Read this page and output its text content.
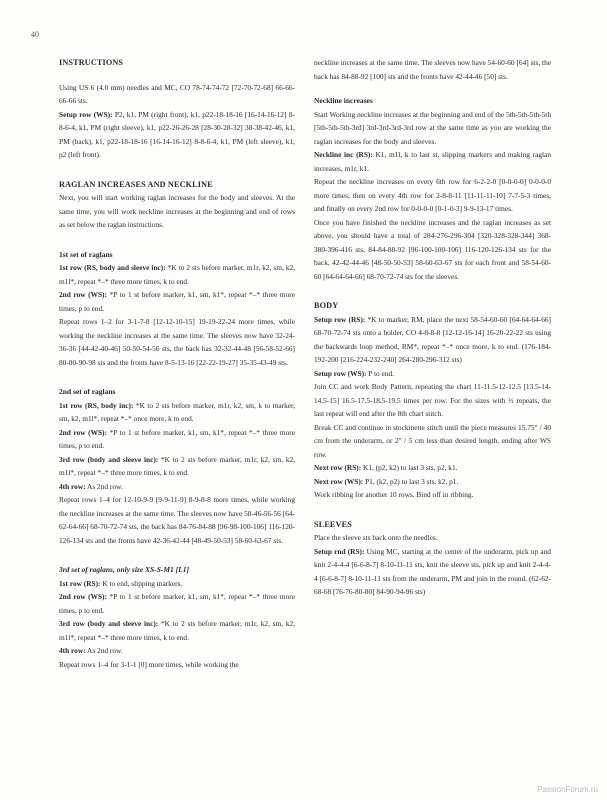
40
INSTRUCTIONS

Using US 6 (4.0 mm) needles and MC, CO 78-74-74-72 [72-70-72-68] 66-66-66-66 sts.

Setup row (WS): P2, k1, PM (right front), k1, p22-18-18-16 [16-14-16-12] 8-8-6-4, k1, PM (right sleeve), k1, p22-26-26-28 [28-30-28-32] 38-38-42-46, k1, PM (back), k1, p22-18-18-16 [16-14-16-12] 8-8-6-4, k1, PM (left sleeve), k1, p2 (left front).

RAGLAN INCREASES AND NECKLINE

Next, you will start working raglan increases for the body and sleeves. At the same time, you will work neckline increases at the beginning and end of rows as set below the raglan instructions.

1st set of raglans

1st row (RS, body and sleeve inc): *K to 2 sts before marker, m1r, k2, sm, k2, m1l*, repeat *–* three more times, k to end.

2nd row (WS): *P to 1 st before marker, k1, sm, k1*, repeat *–* three more times, p to end.

Repeat rows 1–2 for 3-1-7-8 [12-12-10-15] 19-19-22-24 more times, while working the neckline increases at the same time. The sleeves now have 32-24-36-36 [44-42-40-46] 50-50-54-56 sts, the back has 32-32-44-48 [56-58-52-66] 80-80-90-98 sts and the fronts have 8-5-13-16 [22-22-19-27] 35-35-43-49 sts.

2nd set of raglans

1st row (RS, body inc): *K to 2 sts before marker, m1r, k2, sm, k to marker, sm, k2, m1l*, repeat *–* once more, k to end.

2nd row (WS): *P to 1 st before marker, k1, sm, k1*, repeat *–* three more times, p to end.

3rd row (body and sleeve inc): *K to 2 sts before marker, m1r, k2, sm, k2, m1l*, repeat *–* three more times, k to end.

4th row: As 2nd row.

Repeat rows 1–4 for 12-10-9-9 [9-9-11-9] 8-9-8-8 more times, while working the neckline increases at the same time. The sleeves now have 58-46-56-56 [64-62-64-66] 68-70-72-74 sts, the back has 84-76-84-88 [96-98-100-106] 116-120-126-134 sts and the fronts have 42-36-42-44 [48-49-50-53] 58-60-63-67 sts.

3rd set of raglans, only size XS-S-M1 [L1]

1st row (RS): K to end, slipping markers.

2nd row (WS): *P to 1 st before marker, k1, sm, k1*, repeat *–* three more times, p to end.

3rd row (body and sleeve inc): *K to 2 sts before marker, m1r, k2, sm, k2, m1l*, repeat *–* three more times, k to end.

4th row: As 2nd row.

Repeat rows 1–4 for 3-1-1 [0] more times, while working the

neckline increases at the same time. The sleeves now have 54-60-60 [64] sts, the back has 84-88-92 [100] sts and the fronts have 42-44-46 [50] sts.

Neckline increases

Start Working neckline increases at the beginning and end of the 5th-5th-5th-5th [5th-5th-5th-3rd] 3rd-3rd-3rd-3rd row at the same time as you are working the raglan increases for the body and sleeves.

Neckline inc (RS): K1, m1l, k to last st, slipping markers and making raglan increases, m1r, k1.

Repeat the neckline increases on every 6th row for 6-2-2-0 [0-0-0-0] 0-0-0-0 more times, then on every 4th row for 2-8-8-11 [11-11-11-10] 7-7-5-3 times, and finally on every 2nd row for 0-0-0-0 [0-1-0-3] 9-9-13-17 times.

Once you have finished the neckline increases and the raglan increases as set above, you should have a total of 284-276-296-304 [320-328-328-344] 368-380-396-416 sts, 84-84-88-92 [96-100-100-106] 116-120-126-134 sts for the back, 42-42-44-46 [48-50-50-53] 58-60-63-67 sts for each front and 58-54-60-60 [64-64-64-66] 68-70-72-74 sts for the sleeves.

BODY

Setup row (RS): *K to marker, RM, place the next 58-54-60-60 [64-64-64-66] 68-70-72-74 sts onto a holder, CO 4-8-8-8 [12-12-16-14] 16-20-22-22 sts using the backwards loop method, RM*, repeat *–* once more, k to end. (176-184-192-200 [216-224-232-240] 264-280-296-312 sts)

Setup row (WS): P to end.

Join CC and work Body Pattern, repeating the chart 11-11.5-12-12.5 [13.5-14-14.5-15] 16.5-17.5-18.5-19.5 times per row. For the sizes with ½ repeats, the last repeat will end after the 8th chart stitch.

Break CC and continue in stockinette stitch until the piece measures 15.75" / 40 cm from the underarm, or 2" / 5 cm less than desired length, ending after WS row.

Next row (RS): K1, (p2, k2) to last 3 sts, p2, k1.

Next row (WS): P1, (k2, p2) to last 3 sts, k2, p1.

Work ribbing for another 10 rows. Bind off in ribbing.

SLEEVES

Place the sleeve sts back onto the needles.

Setup rnd (RS): Using MC, starting at the center of the underarm, pick up and knit 2-4-4-4 [6-6-8-7] 8-10-11-11 sts, knit the sleeve sts, pick up and knit 2-4-4-4 [6-6-8-7] 8-10-11-11 sts from the underarm, PM and join in the round. (62-62-68-68 [76-76-80-80] 84-90-94-96 sts)

PassionForum.ru
